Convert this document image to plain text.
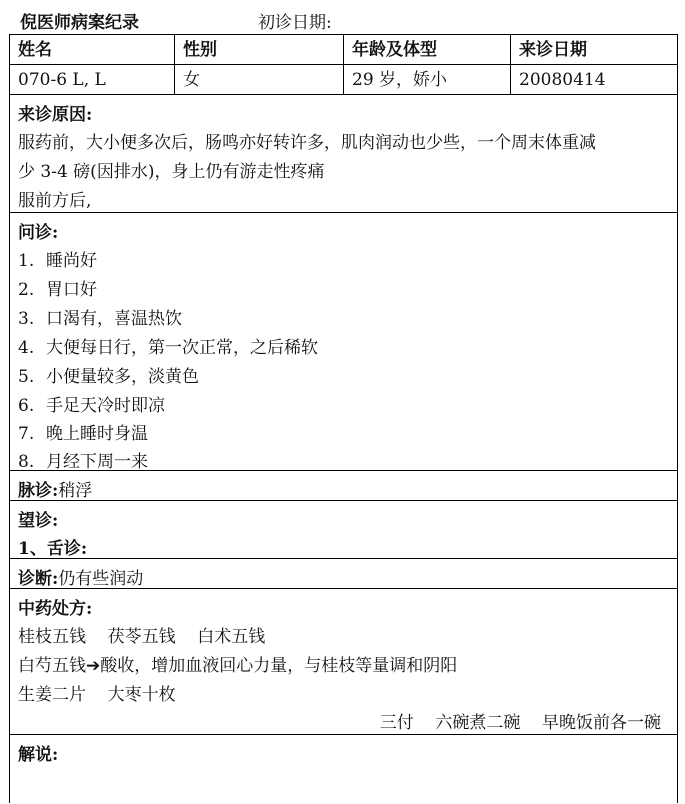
倪医师病案纪录	初诊日期:
姓名	性别	年龄及体型	来诊日期
070-6 L, L	女	29 岁，娇小	20080414
来诊原因:
服药前，大小便多次后，肠鸣亦好转许多，肌肉润动也少些，一个周末体重减
少 3-4 磅(因排水)，身上仍有游走性疼痛
服前方后,
问诊:
1. 睡尚好
2. 胃口好
3. 口渴有，喜温热饮
4. 大便每日行，第一次正常，之后稀软
5. 小便量较多，淡黄色
6. 手足天冷时即凉
7. 晚上睡时身温
8. 月经下周一来
脉诊:稍浮
望诊:
1、舌诊:
诊断:仍有些润动
中药处方:
桂枝五钱    茯苓五钱    白术五钱
白芍五钱➔酸收，增加血液回心力量，与桂枝等量调和阴阳
生姜二片    大枣十枚
三付    六碗煮二碗    早晚饭前各一碗
解说:
